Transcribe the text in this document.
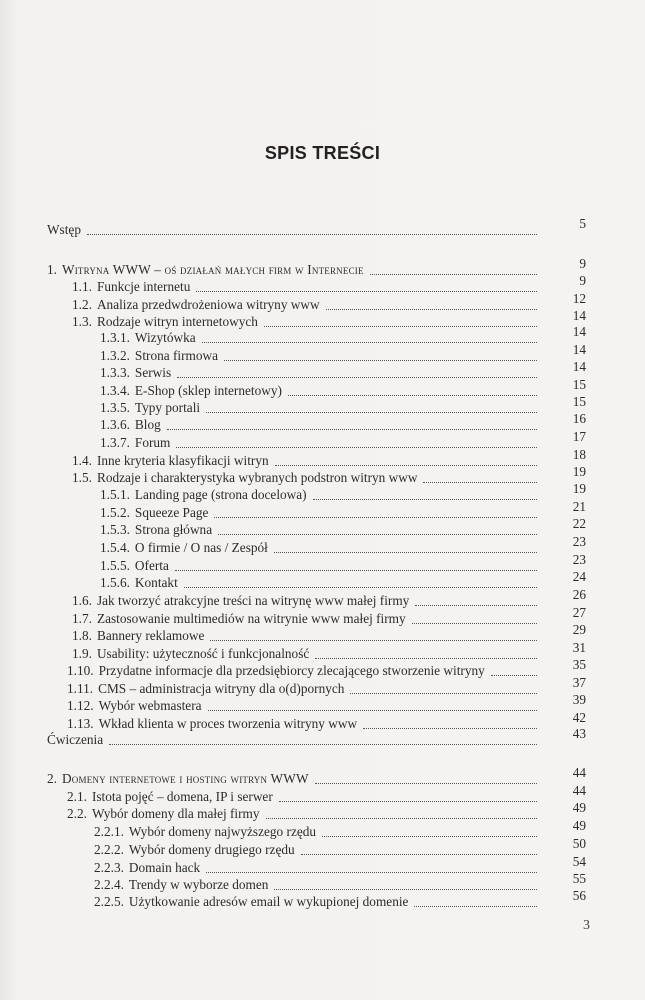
SPIS TREŚCI
Wstęp	5
1. Witryna WWW – oś działań małych firm w Internecie	9
1.1. Funkcje internetu	9
1.2. Analiza przedwdrożeniowa witryny www	12
1.3. Rodzaje witryn internetowych	14
1.3.1. Wizytówka	14
1.3.2. Strona firmowa	14
1.3.3. Serwis	14
1.3.4. E-Shop (sklep internetowy)	15
1.3.5. Typy portali	15
1.3.6. Blog	16
1.3.7. Forum	17
1.4. Inne kryteria klasyfikacji witryn	18
1.5. Rodzaje i charakterystyka wybranych podstron witryn www	19
1.5.1. Landing page (strona docelowa)	19
1.5.2. Squeeze Page	21
1.5.3. Strona główna	22
1.5.4. O firmie / O nas / Zespół	23
1.5.5. Oferta	23
1.5.6. Kontakt	24
1.6. Jak tworzyć atrakcyjne treści na witrynę www małej firmy	26
1.7. Zastosowanie multimediów na witrynie www małej firmy	27
1.8. Bannery reklamowe	29
1.9. Usability: użyteczność i funkcjonalność	31
1.10. Przydatne informacje dla przedsiębiorcy zlecającego stworzenie witryny	35
1.11. CMS – administracja witryny dla o(d)pornych	37
1.12. Wybór webmastera	39
1.13. Wkład klienta w proces tworzenia witryny www	42
Ćwiczenia	43
2. Domeny internetowe i hosting witryn WWW	44
2.1. Istota pojęć – domena, IP i serwer	44
2.2. Wybór domeny dla małej firmy	49
2.2.1. Wybór domeny najwyższego rzędu	49
2.2.2. Wybór domeny drugiego rzędu	50
2.2.3. Domain hack	54
2.2.4. Trendy w wyborze domen	55
2.2.5. Użytkowanie adresów email w wykupionej domenie	56
3
